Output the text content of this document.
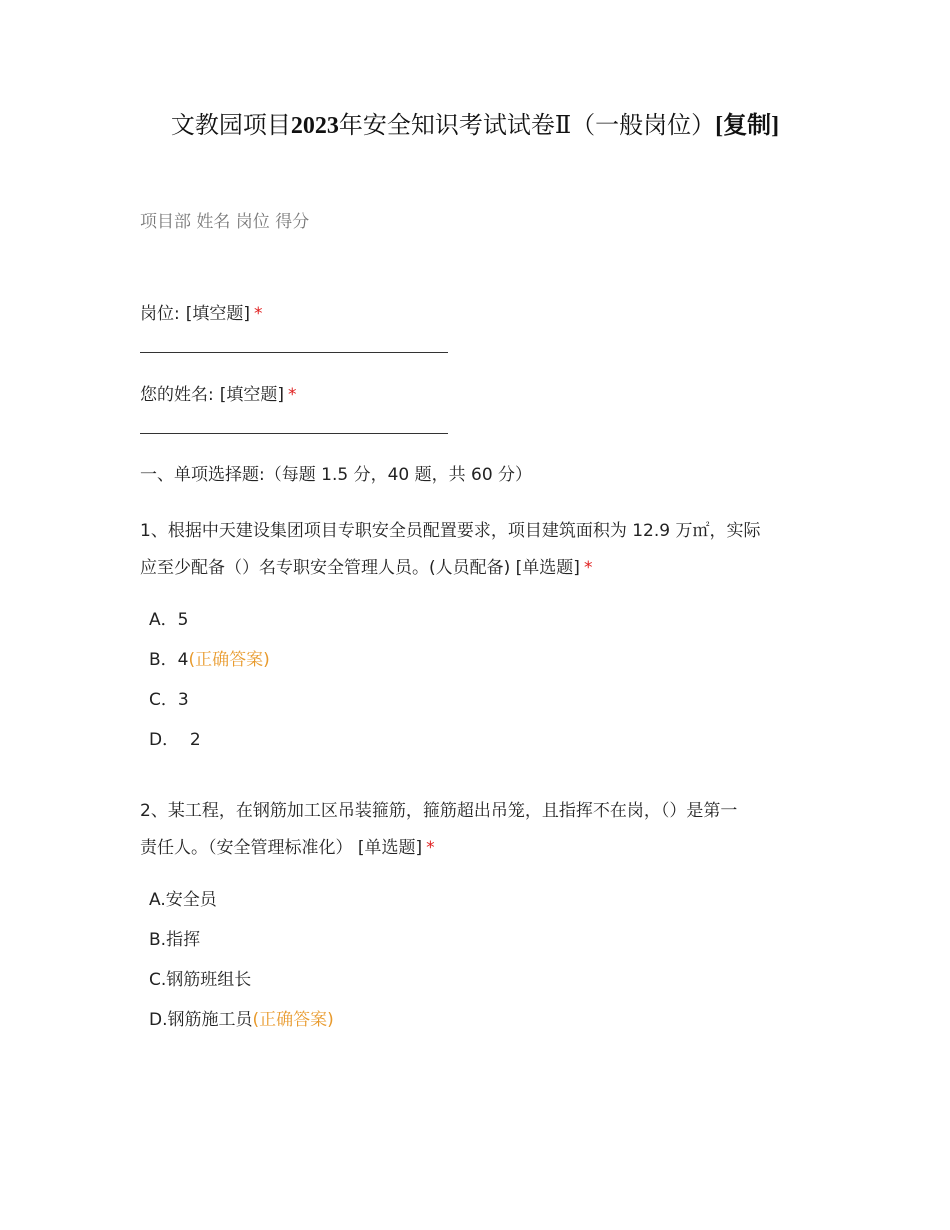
文教园项目2023年安全知识考试试卷Ⅱ（一般岗位）[复制]
项目部 姓名 岗位 得分
岗位: [填空题] *
您的姓名: [填空题] *
一、单项选择题:（每题 1.5 分，40 题，共 60 分）
1、根据中天建设集团项目专职安全员配置要求，项目建筑面积为 12.9 万㎡，实际
应至少配备（）名专职安全管理人员。(人员配备) [单选题] *
A．5
B．4(正确答案)
C．3
D．  2
2、某工程，在钢筋加工区吊装箍筋，箍筋超出吊笼，且指挥不在岗，（）是第一
责任人。（安全管理标准化） [单选题] *
A.安全员
B.指挥
C.钢筋班组长
D.钢筋施工员(正确答案)
